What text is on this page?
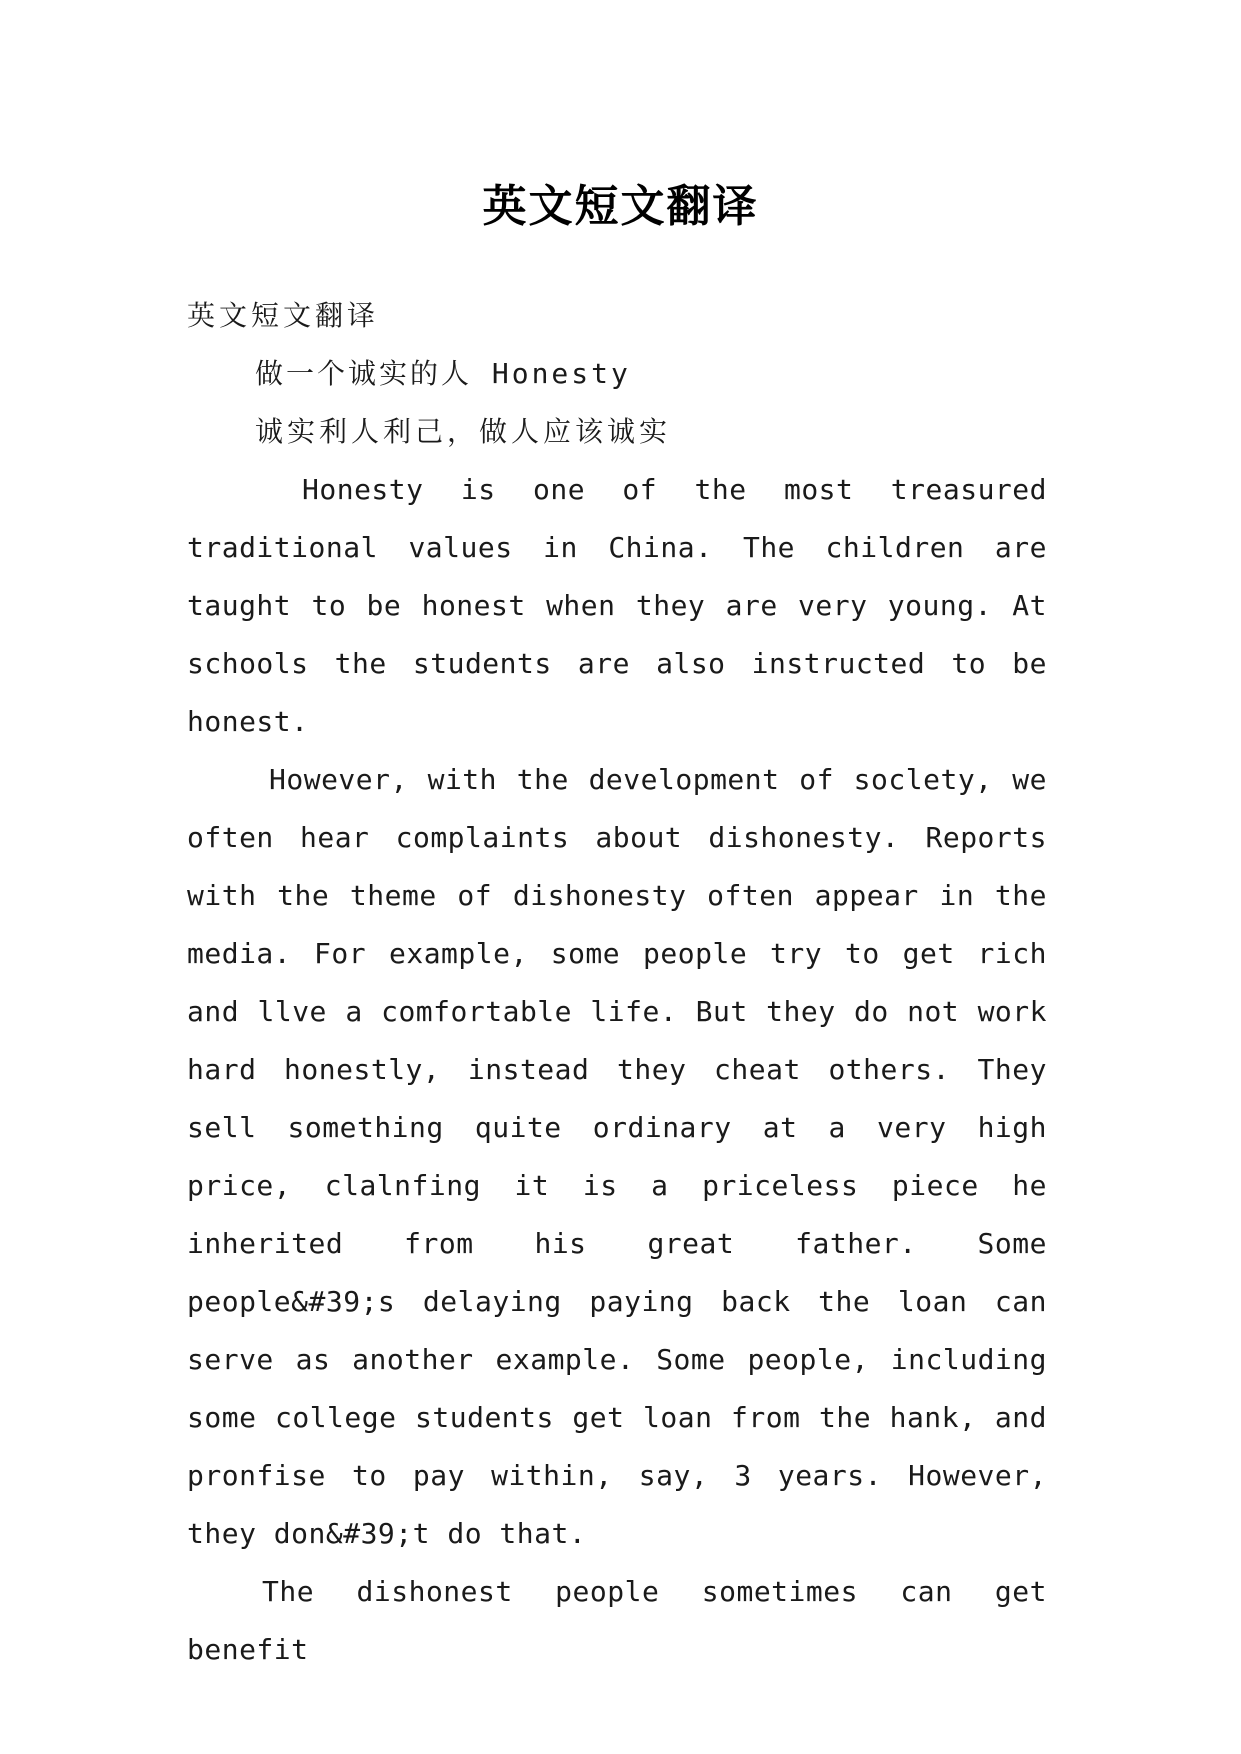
英文短文翻译

英文短文翻译

做一个诚实的人 Honesty

诚实利人利己，做人应该诚实

Honesty is one of the most treasured traditional values in China. The children are taught to be honest when they are very young. At schools the students are also instructed to be honest.

However, with the development of soclety, we often hear complaints about dishonesty. Reports with the theme of dishonesty often appear in the media. For example, some people try to get rich and llve a comfortable life. But they do not work hard honestly, instead they cheat others. They sell something quite ordinary at a very high price, clalnfing it is a priceless piece he inherited from his great father. Some people&#39;s delaying paying back the loan can serve as another example. Some people, including some college students get loan from the hank, and pronfise to pay within, say, 3 years. However, they don&#39;t do that.

The dishonest people sometimes can get benefit
